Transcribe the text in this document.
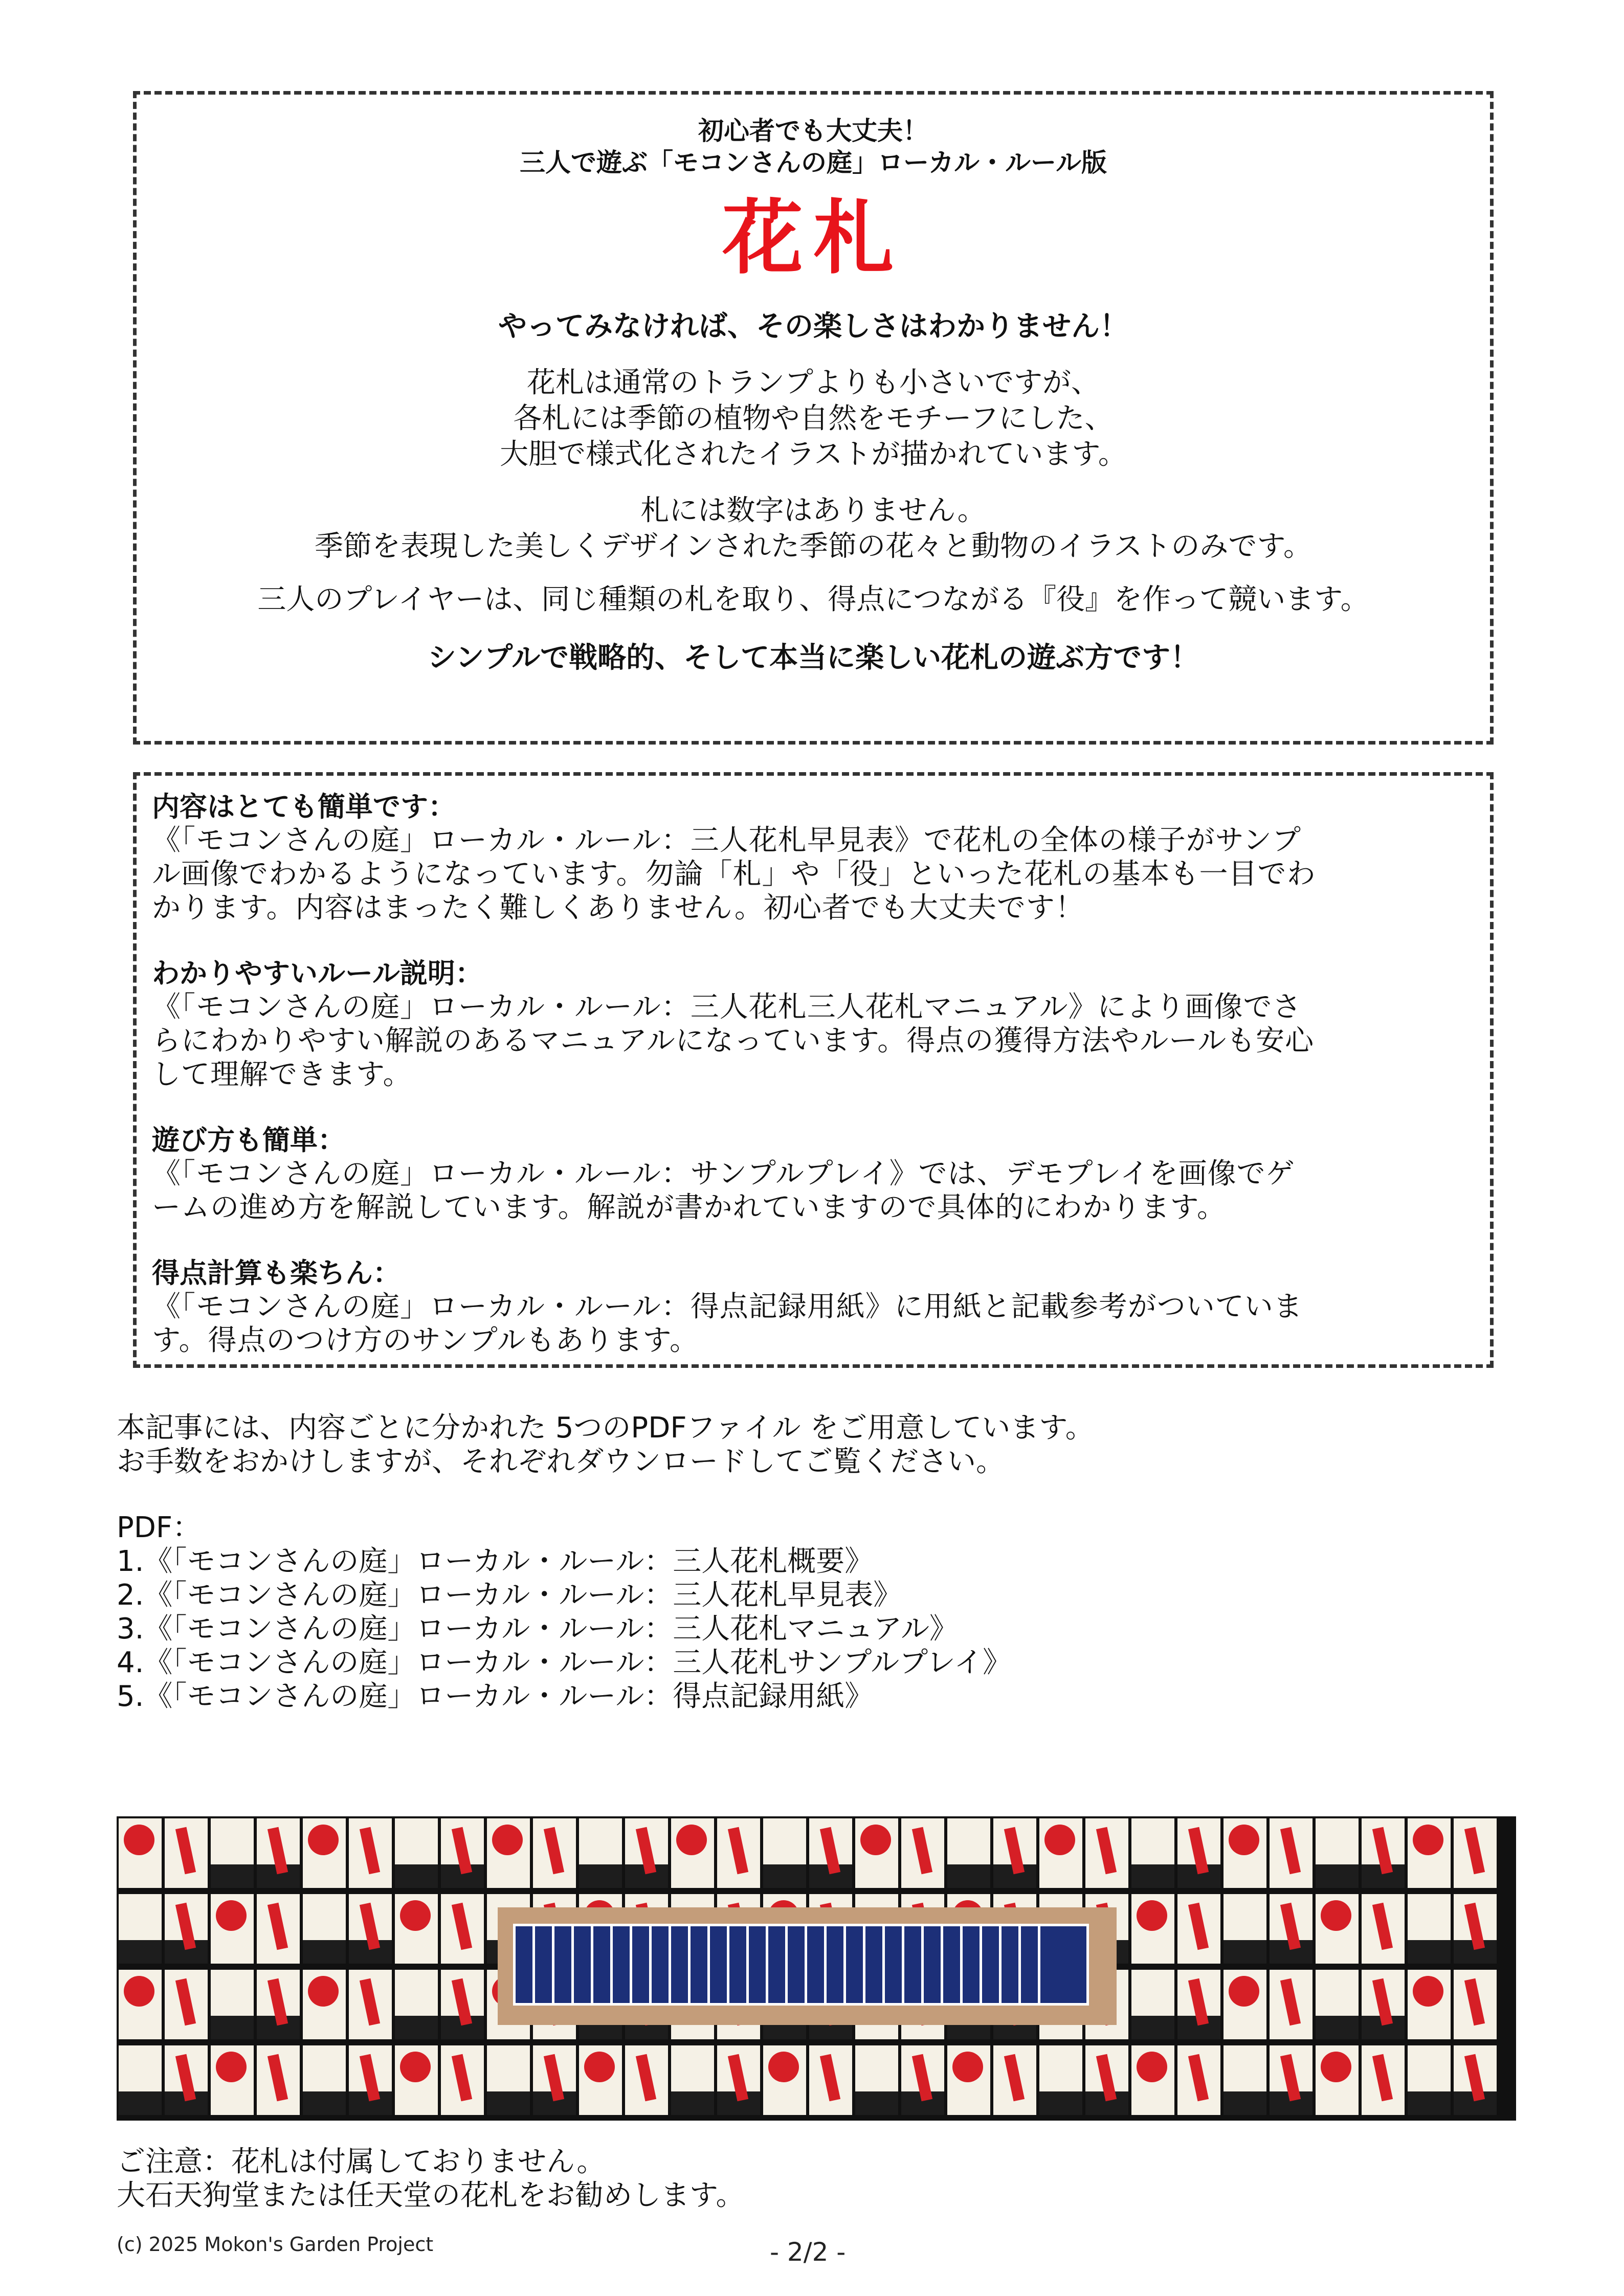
初心者でも大丈夫！
三人で遊ぶ「モコンさんの庭」ローカル・ルール版
花札
やってみなければ、その楽しさはわかりません！
花札は通常のトランプよりも小さいですが、
各札には季節の植物や自然をモチーフにした、
大胆で様式化されたイラストが描かれています。
札には数字はありません。
季節を表現した美しくデザインされた季節の花々と動物のイラストのみです。
三人のプレイヤーは、同じ種類の札を取り、得点につながる『役』を作って競います。
シンプルで戦略的、そして本当に楽しい花札の遊ぶ方です！
内容はとても簡単です：
《「モコンさんの庭」ローカル・ルール：三人花札早見表》で花札の全体の様子がサンプ
ル画像でわかるようになっています。勿論「札」や「役」といった花札の基本も一目でわ
かります。内容はまったく難しくありません。初心者でも大丈夫です！
わかりやすいルール説明：
《「モコンさんの庭」ローカル・ルール：三人花札三人花札マニュアル》により画像でさ
らにわかりやすい解説のあるマニュアルになっています。得点の獲得方法やルールも安心
して理解できます。
遊び方も簡単：
《「モコンさんの庭」ローカル・ルール：サンプルプレイ》では、デモプレイを画像でゲ
ームの進め方を解説しています。解説が書かれていますので具体的にわかります。
得点計算も楽ちん：
《「モコンさんの庭」ローカル・ルール：得点記録用紙》に用紙と記載参考がついていま
す。得点のつけ方のサンプルもあります。
本記事には、内容ごとに分かれた 5つのPDFファイル をご用意しています。
お手数をおかけしますが、それぞれダウンロードしてご覧ください。
PDF：
1.《「モコンさんの庭」ローカル・ルール：三人花札概要》
2.《「モコンさんの庭」ローカル・ルール：三人花札早見表》
3.《「モコンさんの庭」ローカル・ルール：三人花札マニュアル》
4.《「モコンさんの庭」ローカル・ルール：三人花札サンプルプレイ》
5.《「モコンさんの庭」ローカル・ルール：得点記録用紙》
ご注意：花札は付属しておりません。
大石天狗堂または任天堂の花札をお勧めします。
(c) 2025 Mokon's Garden Project	- 2/2 -
